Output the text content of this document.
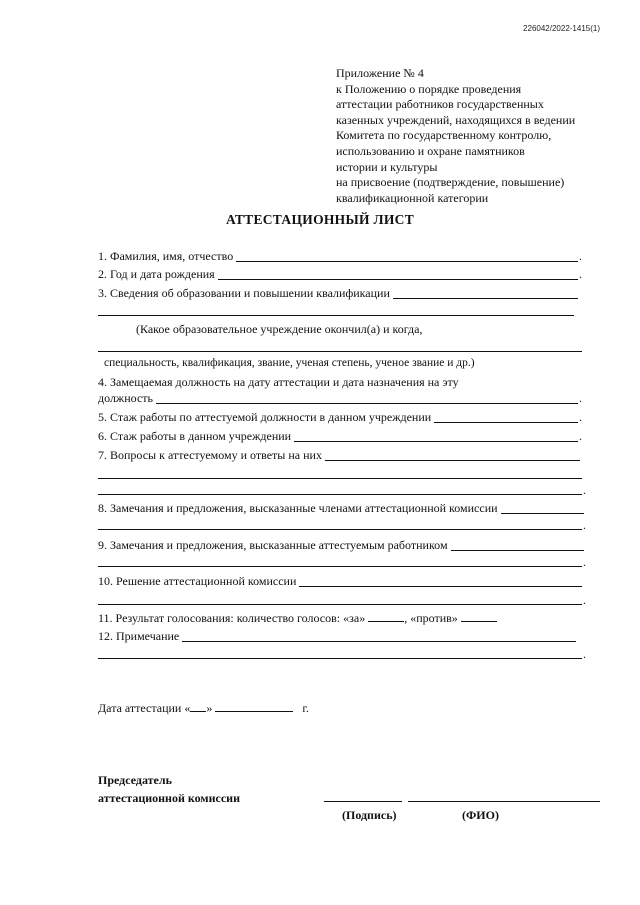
226042/2022-1415(1)
Приложение № 4
к Положению о порядке проведения
аттестации работников государственных
казенных учреждений, находящихся в ведении
Комитета по государственному контролю,
использованию и охране памятников
истории и культуры
на присвоение (подтверждение, повышение)
квалификационной категории
АТТЕСТАЦИОННЫЙ ЛИСТ
1. Фамилия, имя, отчество	.
2. Год и дата рождения	.
3. Сведения об образовании и повышении квалификации
(Какое образовательное учреждение окончил(а) и когда,
специальность, квалификация, звание, ученая степень, ученое звание и др.)
4. Замещаемая должность на дату аттестации и дата назначения на эту
должность	.
5. Стаж работы по аттестуемой должности в данном учреждении	.
6. Стаж работы в данном учреждении	.
7. Вопросы к аттестуемому и ответы на них
.
8. Замечания и предложения, высказанные членами аттестационной комиссии
.
9. Замечания и предложения, высказанные аттестуемым работником
.
10. Решение аттестационной комиссии
.
11. Результат голосования: количество голосов: «за»	, «против»
12. Примечание
.
Дата аттестации « »	г.
Председатель
аттестационной комиссии
(Подпись)	(ФИО)
